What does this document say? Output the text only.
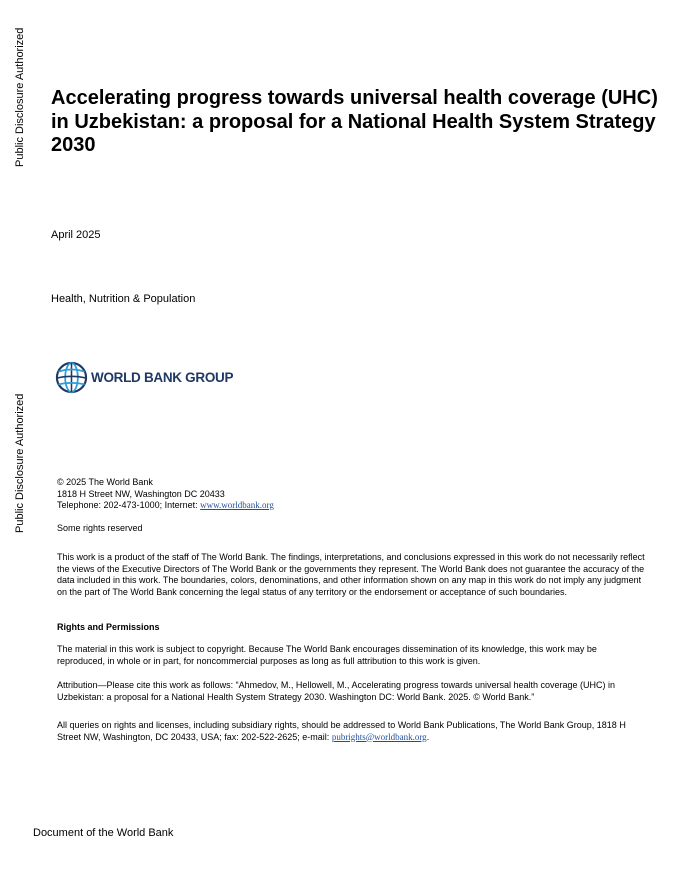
Public Disclosure Authorized
Public Disclosure Authorized
Accelerating progress towards universal health coverage (UHC) in Uzbekistan: a proposal for a National Health System Strategy 2030
April 2025
Health, Nutrition & Population
WORLD BANK GROUP

© 2025 The World Bank
1818 H Street NW, Washington DC 20433
Telephone: 202-473-1000; Internet: www.worldbank.org

Some rights reserved

This work is a product of the staff of The World Bank. The findings, interpretations, and conclusions expressed in this work do not necessarily reflect the views of the Executive Directors of The World Bank or the governments they represent. The World Bank does not guarantee the accuracy of the data included in this work. The boundaries, colors, denominations, and other information shown on any map in this work do not imply any judgment on the part of The World Bank concerning the legal status of any territory or the endorsement or acceptance of such boundaries.

Rights and Permissions

The material in this work is subject to copyright. Because The World Bank encourages dissemination of its knowledge, this work may be reproduced, in whole or in part, for noncommercial purposes as long as full attribution to this work is given.

Attribution—Please cite this work as follows: “Ahmedov, M., Hellowell, M., Accelerating progress towards universal health coverage (UHC) in Uzbekistan: a proposal for a National Health System Strategy 2030. Washington DC: World Bank. 2025. © World Bank.”

All queries on rights and licenses, including subsidiary rights, should be addressed to World Bank Publications, The World Bank Group, 1818 H Street NW, Washington, DC 20433, USA; fax: 202-522-2625; e-mail: pubrights@worldbank.org.

Document of the World Bank
